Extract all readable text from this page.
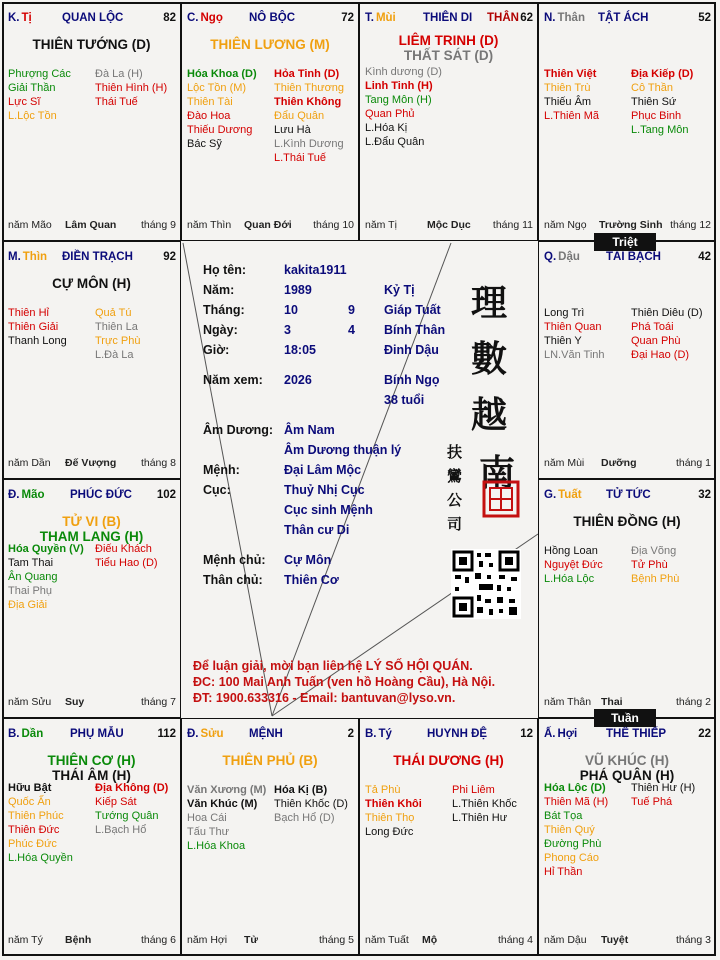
K. Tị	QUAN LỘC	82
THIÊN TƯỚNG (D)
Phượng Các
Giải Thần
Lực Sĩ
L.Lộc Tồn
Đà La (H)
Thiên Hình (H)
Thái Tuế
năm Mão Lâm Quan tháng 9
C. Ngọ NÔ BỘC	72
THIÊN LƯƠNG (M)
Hóa Khoa (D)
Lộc Tồn (M)
Thiên Tài
Đào Hoa
Thiếu Dương
Bác Sỹ
Hỏa Tinh (D)
Thiên Thương
Thiên Không
Đẩu Quân
Lưu Hà
L.Kình Dương
L.Thái Tuế
năm Thìn Quan Đới tháng 10
T. Mùi THIÊN DI THÂN 62
LIÊM TRINH (D)
THẤT SÁT (D)
Kình dương (D)
Linh Tinh (H)
Tang Môn (H)
Quan Phủ
L.Hóa Kị
L.Đẩu Quân
năm Tị	Mộc Dục tháng 11
N. Thân TẬT ÁCH	52
Thiên Việt
Thiên Trù
Thiếu Âm
L.Thiên Mã
Địa Kiếp (D)
Cô Thần
Thiên Sứ
Phục Binh
L.Tang Môn
năm Ngọ Trường Sinh tháng 12
M. Thìn ĐIỀN TRẠCH	92
CỰ MÔN (H)
Thiên Hỉ
Thiên Giải
Thanh Long
Quả Tú
Thiên La
Trực Phù
L.Đà La
năm Dần Đế Vượng tháng 8
Q. Dậu TÀI BẠCH	42
Long Trì
Thiên Quan
Thiên Y
LN.Văn Tinh
Thiên Diêu (D)
Phá Toái
Quan Phù
Đại Hao (D)
năm Mùi Dưỡng	tháng 1
Đ. Mão PHÚC ĐỨC 102
TỬ VI (B)
THAM LANG (H)
Hóa Quyền (V)
Tam Thai
Ân Quang
Thai Phụ
Địa Giải
Điếu Khách
Tiểu Hao (D)
năm Sửu Suy	tháng 7
G. Tuất TỬ TỨC	32
THIÊN ĐỒNG (H)
Hồng Loan
Nguyệt Đức
L.Hóa Lộc
Địa Võng
Tử Phù
Bệnh Phù
năm Thân Thai	tháng 2
B. Dần PHỤ MẪU	112
THIÊN CƠ (H)
THÁI ÂM (H)
Hữu Bật
Quốc Ấn
Thiên Phúc
Thiên Đức
Phúc Đức
L.Hóa Quyền
Địa Không (D)
Kiếp Sát
Tướng Quân
L.Bạch Hổ
năm Tý Bệnh	tháng 6
Đ. Sửu MỆNH	2
THIÊN PHỦ (B)
Văn Xương (M)
Văn Khúc (M)
Hoa Cái
Tấu Thư
L.Hóa Khoa
Hóa Kị (B)
Thiên Khốc (D)
Bạch Hổ (D)
năm Hợi Tử	tháng 5
B. Tý	HUYNH ĐỆ	12
THÁI DƯƠNG (H)
Tả Phù
Thiên Khôi
Thiên Thọ
Long Đức
Phi Liêm
L.Thiên Khốc
L.Thiên Hư
năm Tuất Mộ	tháng 4
Ấ. Hợi	THÊ THIẾP	22
VŨ KHÚC (H)
PHÁ QUÂN (H)
Hóa Lộc (D)
Thiên Mã (H)
Bát Tọa
Thiên Quý
Đường Phù
Phong Cáo
Hỉ Thần
Thiên Hư (H)
Tuế Phá
năm Dậu Tuyệt	tháng 3
Họ tên:	kakita1911
Năm:	1989	Kỷ Tị
Tháng:	10	9 Giáp Tuất
Ngày:	3	4 Bính Thân
Giờ:	18:05	Đinh Dậu
Năm xem: 2026	Bính Ngọ
38 tuổi
Âm Dương: Âm Nam
Âm Dương thuận lý
Mệnh:	Đại Lâm Mộc
Cục:	Thuỷ Nhị Cục
Cục sinh Mệnh
Thân cư Di
Mệnh chủ: Cự Môn
Thân chủ: Thiên Cơ
理
數
越
南
扶
鸞
公
司
Để luận giải, mời bạn liên hệ LÝ SỐ HỘI QUÁN.
ĐC: 100 Mai Anh Tuấn (ven hồ Hoàng Cầu), Hà Nội.
ĐT: 1900.633316 - Email: bantuvan@lyso.vn.
Triệt
Tuần
